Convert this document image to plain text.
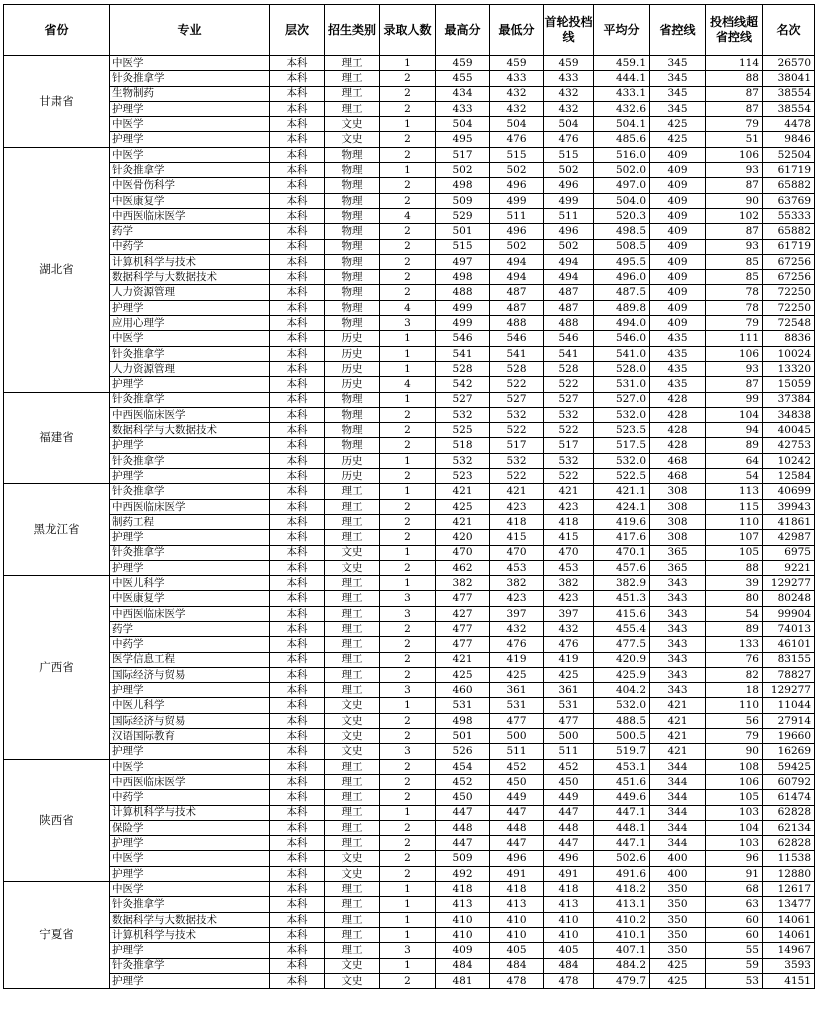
省份	专业	层次	招生类别	录取人数	最高分	最低分	首轮投档线	平均分	省控线	投档线超省控线	名次
甘肃省	中医学	本科	理工	1	459	459	459	459.1	345	114	26570
	针灸推拿学	本科	理工	2	455	433	433	444.1	345	88	38041
	生物制药	本科	理工	2	434	432	432	433.1	345	87	38554
	护理学	本科	理工	2	433	432	432	432.6	345	87	38554
	中医学	本科	文史	1	504	504	504	504.1	425	79	4478
	护理学	本科	文史	2	495	476	476	485.6	425	51	9846
湖北省	中医学	本科	物理	2	517	515	515	516.0	409	106	52504
	针灸推拿学	本科	物理	1	502	502	502	502.0	409	93	61719
	中医骨伤科学	本科	物理	2	498	496	496	497.0	409	87	65882
	中医康复学	本科	物理	2	509	499	499	504.0	409	90	63769
	中西医临床医学	本科	物理	4	529	511	511	520.3	409	102	55333
	药学	本科	物理	2	501	496	496	498.5	409	87	65882
	中药学	本科	物理	2	515	502	502	508.5	409	93	61719
	计算机科学与技术	本科	物理	2	497	494	494	495.5	409	85	67256
	数据科学与大数据技术	本科	物理	2	498	494	494	496.0	409	85	67256
	人力资源管理	本科	物理	2	488	487	487	487.5	409	78	72250
	护理学	本科	物理	4	499	487	487	489.8	409	78	72250
	应用心理学	本科	物理	3	499	488	488	494.0	409	79	72548
	中医学	本科	历史	1	546	546	546	546.0	435	111	8836
	针灸推拿学	本科	历史	1	541	541	541	541.0	435	106	10024
	人力资源管理	本科	历史	1	528	528	528	528.0	435	93	13320
	护理学	本科	历史	4	542	522	522	531.0	435	87	15059
福建省	针灸推拿学	本科	物理	1	527	527	527	527.0	428	99	37384
	中西医临床医学	本科	物理	2	532	532	532	532.0	428	104	34838
	数据科学与大数据技术	本科	物理	2	525	522	522	523.5	428	94	40045
	护理学	本科	物理	2	518	517	517	517.5	428	89	42753
	针灸推拿学	本科	历史	1	532	532	532	532.0	468	64	10242
	护理学	本科	历史	2	523	522	522	522.5	468	54	12584
黑龙江省	针灸推拿学	本科	理工	1	421	421	421	421.1	308	113	40699
	中西医临床医学	本科	理工	2	425	423	423	424.1	308	115	39943
	制药工程	本科	理工	2	421	418	418	419.6	308	110	41861
	护理学	本科	理工	2	420	415	415	417.6	308	107	42987
	针灸推拿学	本科	文史	1	470	470	470	470.1	365	105	6975
	护理学	本科	文史	2	462	453	453	457.6	365	88	9221
广西省	中医儿科学	本科	理工	1	382	382	382	382.9	343	39	129277
	中医康复学	本科	理工	3	477	423	423	451.3	343	80	80248
	中西医临床医学	本科	理工	3	427	397	397	415.6	343	54	99904
	药学	本科	理工	2	477	432	432	455.4	343	89	74013
	中药学	本科	理工	2	477	476	476	477.5	343	133	46101
	医学信息工程	本科	理工	2	421	419	419	420.9	343	76	83155
	国际经济与贸易	本科	理工	2	425	425	425	425.9	343	82	78827
	护理学	本科	理工	3	460	361	361	404.2	343	18	129277
	中医儿科学	本科	文史	1	531	531	531	532.0	421	110	11044
	国际经济与贸易	本科	文史	2	498	477	477	488.5	421	56	27914
	汉语国际教育	本科	文史	2	501	500	500	500.5	421	79	19660
	护理学	本科	文史	3	526	511	511	519.7	421	90	16269
陕西省	中医学	本科	理工	2	454	452	452	453.1	344	108	59425
	中西医临床医学	本科	理工	2	452	450	450	451.6	344	106	60792
	中药学	本科	理工	2	450	449	449	449.6	344	105	61474
	计算机科学与技术	本科	理工	1	447	447	447	447.1	344	103	62828
	保险学	本科	理工	2	448	448	448	448.1	344	104	62134
	护理学	本科	理工	2	447	447	447	447.1	344	103	62828
	中医学	本科	文史	2	509	496	496	502.6	400	96	11538
	护理学	本科	文史	2	492	491	491	491.6	400	91	12880
宁夏省	中医学	本科	理工	1	418	418	418	418.2	350	68	12617
	针灸推拿学	本科	理工	1	413	413	413	413.1	350	63	13477
	数据科学与大数据技术	本科	理工	1	410	410	410	410.2	350	60	14061
	计算机科学与技术	本科	理工	1	410	410	410	410.1	350	60	14061
	护理学	本科	理工	3	409	405	405	407.1	350	55	14967
	针灸推拿学	本科	文史	1	484	484	484	484.2	425	59	3593
	护理学	本科	文史	2	481	478	478	479.7	425	53	4151
